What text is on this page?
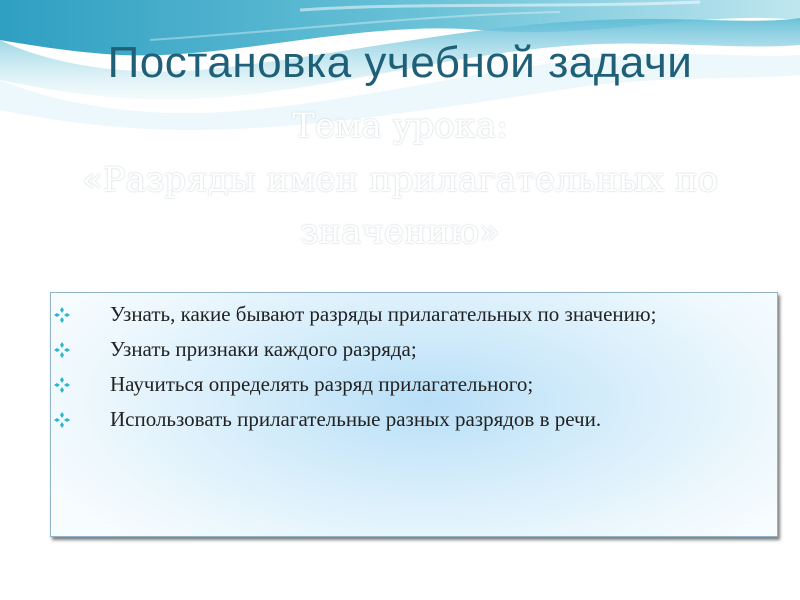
Постановка учебной задачи
Тема урока:
«Разряды имен прилагательных по
значению»
Узнать, какие бывают разряды прилагательных по значению;
Узнать признаки каждого разряда;
Научиться определять разряд прилагательного;
Использовать прилагательные разных разрядов в речи.
